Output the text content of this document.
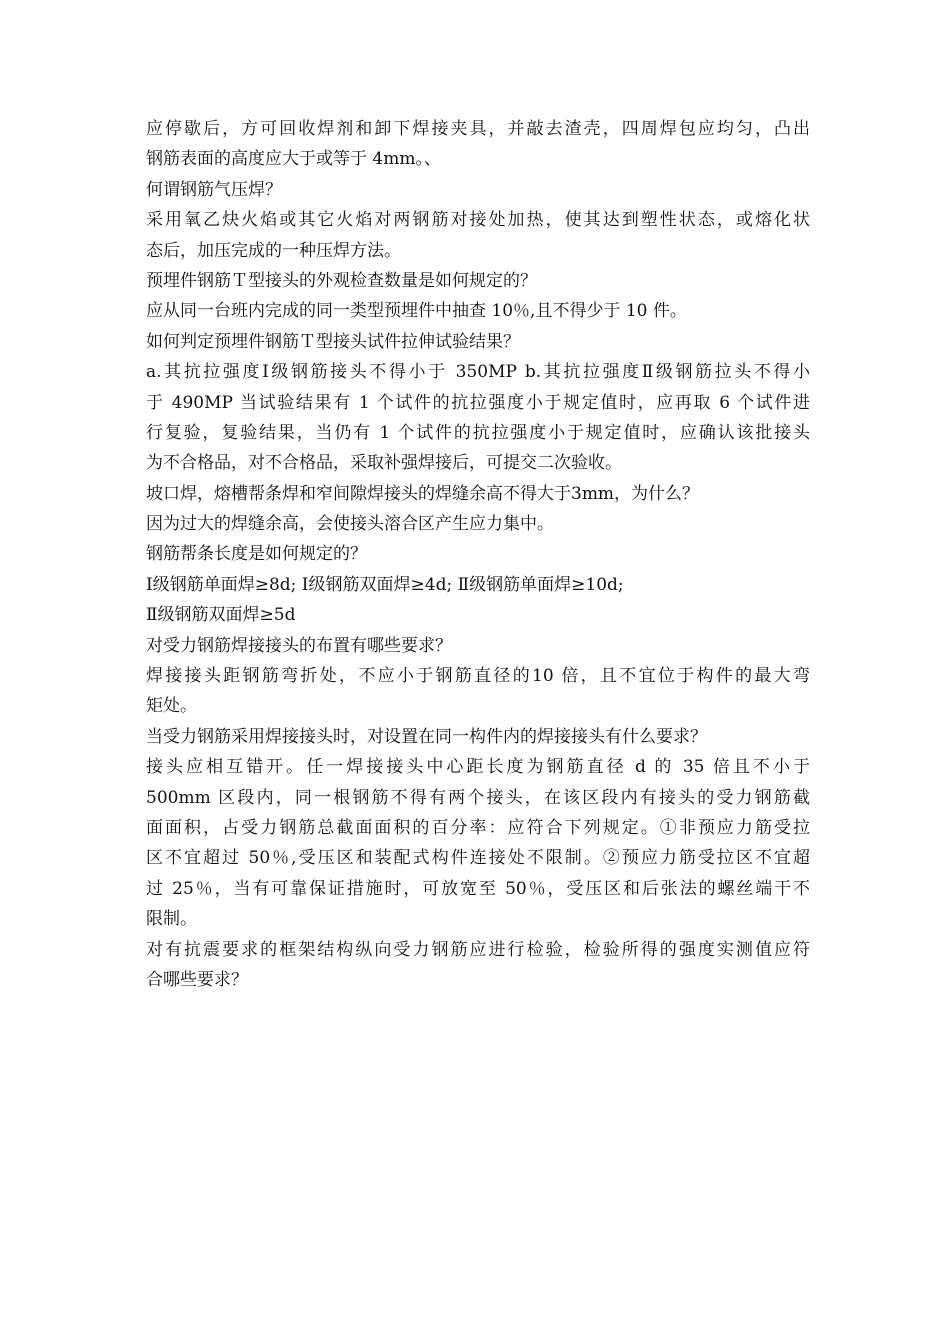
应停歇后，方可回收焊剂和卸下焊接夹具，并敲去渣壳，四周焊包应均匀，凸出
钢筋表面的高度应大于或等于 4mm。、
何谓钢筋气压焊？
采用氧乙炔火焰或其它火焰对两钢筋对接处加热，使其达到塑性状态，或熔化状
态后，加压完成的一种压焊方法。
预埋件钢筋Ｔ型接头的外观检查数量是如何规定的？
应从同一台班内完成的同一类型预埋件中抽查 10％,且不得少于 10 件。
如何判定预埋件钢筋Ｔ型接头试件拉伸试验结果？
a.其抗拉强度Ⅰ级钢筋接头不得小于 350MP b.其抗拉强度Ⅱ级钢筋拉头不得小
于 490MP 当试验结果有 1 个试件的抗拉强度小于规定值时，应再取 6 个试件进
行复验，复验结果，当仍有 1 个试件的抗拉强度小于规定值时，应确认该批接头
为不合格品，对不合格品，采取补强焊接后，可提交二次验收。
坡口焊，熔槽帮条焊和窄间隙焊接头的焊缝余高不得大于3mm，为什么？
因为过大的焊缝余高，会使接头溶合区产生应力集中。
钢筋帮条长度是如何规定的？
Ⅰ级钢筋单面焊≥8d; Ⅰ级钢筋双面焊≥4d; Ⅱ级钢筋单面焊≥10d;
Ⅱ级钢筋双面焊≥5d
对受力钢筋焊接接头的布置有哪些要求？
焊接接头距钢筋弯折处，不应小于钢筋直径的10 倍，且不宜位于构件的最大弯
矩处。
当受力钢筋采用焊接接头时，对设置在同一构件内的焊接接头有什么要求？
接头应相互错开。任一焊接接头中心距长度为钢筋直径 d 的 35 倍且不小于
500mm 区段内，同一根钢筋不得有两个接头，在该区段内有接头的受力钢筋截
面面积，占受力钢筋总截面面积的百分率：应符合下列规定。①非预应力筋受拉
区不宜超过 50％,受压区和装配式构件连接处不限制。②预应力筋受拉区不宜超
过 25％，当有可靠保证措施时，可放宽至 50％，受压区和后张法的螺丝端干不
限制。
对有抗震要求的框架结构纵向受力钢筋应进行检验，检验所得的强度实测值应符
合哪些要求？
